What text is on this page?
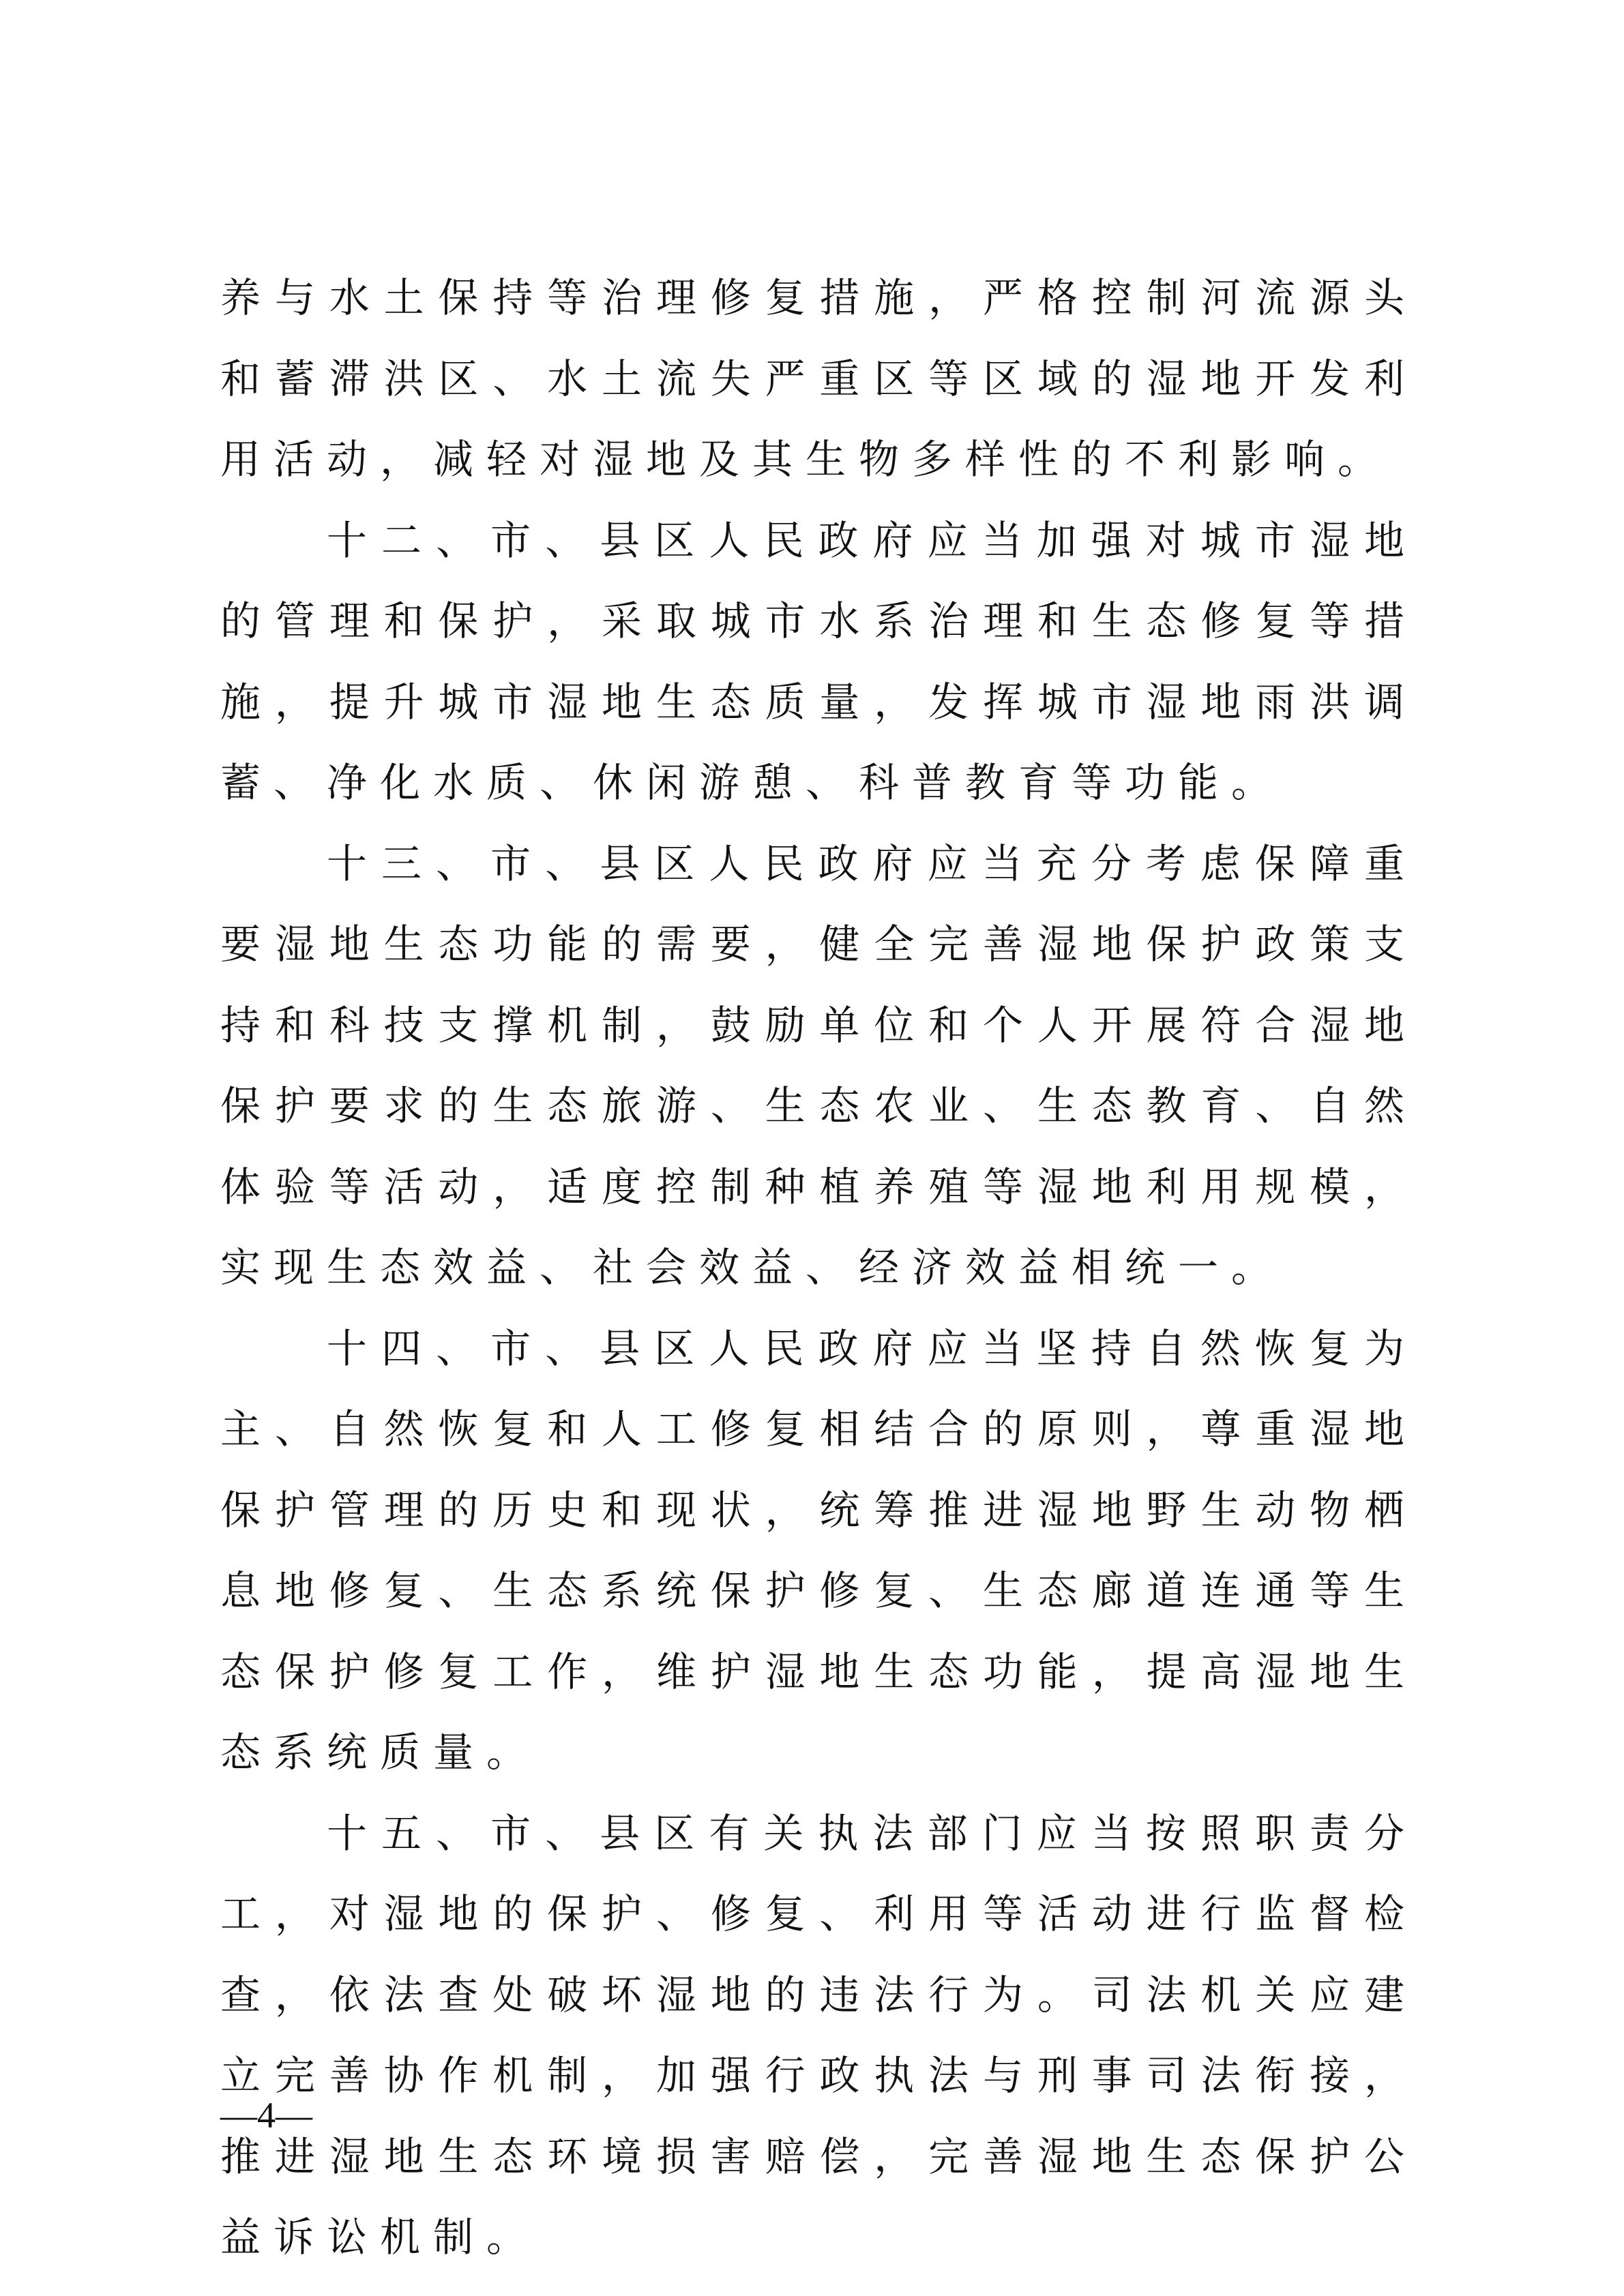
养与水土保持等治理修复措施，严格控制河流源头和蓄滞洪区、水土流失严重区等区域的湿地开发利用活动，减轻对湿地及其生物多样性的不利影响。

十二、市、县区人民政府应当加强对城市湿地的管理和保护，采取城市水系治理和生态修复等措施，提升城市湿地生态质量，发挥城市湿地雨洪调蓄、净化水质、休闲游憩、科普教育等功能。

十三、市、县区人民政府应当充分考虑保障重要湿地生态功能的需要，健全完善湿地保护政策支持和科技支撑机制，鼓励单位和个人开展符合湿地保护要求的生态旅游、生态农业、生态教育、自然体验等活动，适度控制种植养殖等湿地利用规模，实现生态效益、社会效益、经济效益相统一。

十四、市、县区人民政府应当坚持自然恢复为主、自然恢复和人工修复相结合的原则，尊重湿地保护管理的历史和现状，统筹推进湿地野生动物栖息地修复、生态系统保护修复、生态廊道连通等生态保护修复工作，维护湿地生态功能，提高湿地生态系统质量。

十五、市、县区有关执法部门应当按照职责分工，对湿地的保护、修复、利用等活动进行监督检查，依法查处破坏湿地的违法行为。司法机关应建立完善协作机制，加强行政执法与刑事司法衔接，推进湿地生态环境损害赔偿，完善湿地生态保护公益诉讼机制。

—4—
